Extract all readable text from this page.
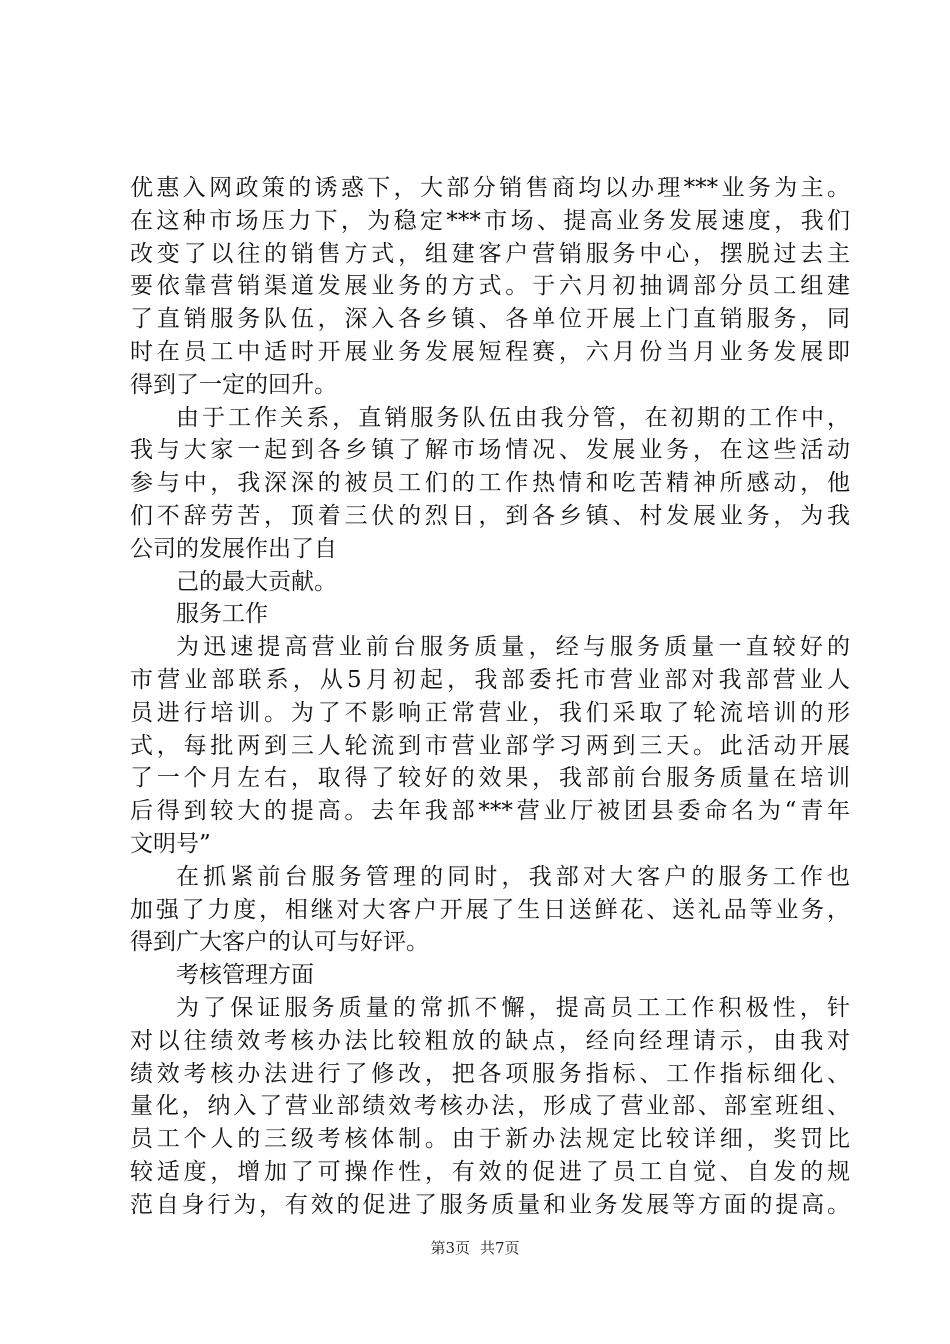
优惠入网政策的诱惑下，大部分销售商均以办理***业务为主。
在这种市场压力下，为稳定***市场、提高业务发展速度，我们
改变了以往的销售方式，组建客户营销服务中心，摆脱过去主
要依靠营销渠道发展业务的方式。于六月初抽调部分员工组建
了直销服务队伍，深入各乡镇、各单位开展上门直销服务，同
时在员工中适时开展业务发展短程赛，六月份当月业务发展即
得到了一定的回升。
由于工作关系，直销服务队伍由我分管，在初期的工作中，
我与大家一起到各乡镇了解市场情况、发展业务，在这些活动
参与中，我深深的被员工们的工作热情和吃苦精神所感动，他
们不辞劳苦，顶着三伏的烈日，到各乡镇、村发展业务，为我
公司的发展作出了自
己的最大贡献。
服务工作
为迅速提高营业前台服务质量，经与服务质量一直较好的
市营业部联系，从5月初起，我部委托市营业部对我部营业人
员进行培训。为了不影响正常营业，我们采取了轮流培训的形
式，每批两到三人轮流到市营业部学习两到三天。此活动开展
了一个月左右，取得了较好的效果，我部前台服务质量在培训
后得到较大的提高。去年我部***营业厅被团县委命名为“青年
文明号”
在抓紧前台服务管理的同时，我部对大客户的服务工作也
加强了力度，相继对大客户开展了生日送鲜花、送礼品等业务，
得到广大客户的认可与好评。
考核管理方面
为了保证服务质量的常抓不懈，提高员工工作积极性，针
对以往绩效考核办法比较粗放的缺点，经向经理请示，由我对
绩效考核办法进行了修改，把各项服务指标、工作指标细化、
量化，纳入了营业部绩效考核办法，形成了营业部、部室班组、
员工个人的三级考核体制。由于新办法规定比较详细，奖罚比
较适度，增加了可操作性，有效的促进了员工自觉、自发的规
范自身行为，有效的促进了服务质量和业务发展等方面的提高。
第3页 共7页
